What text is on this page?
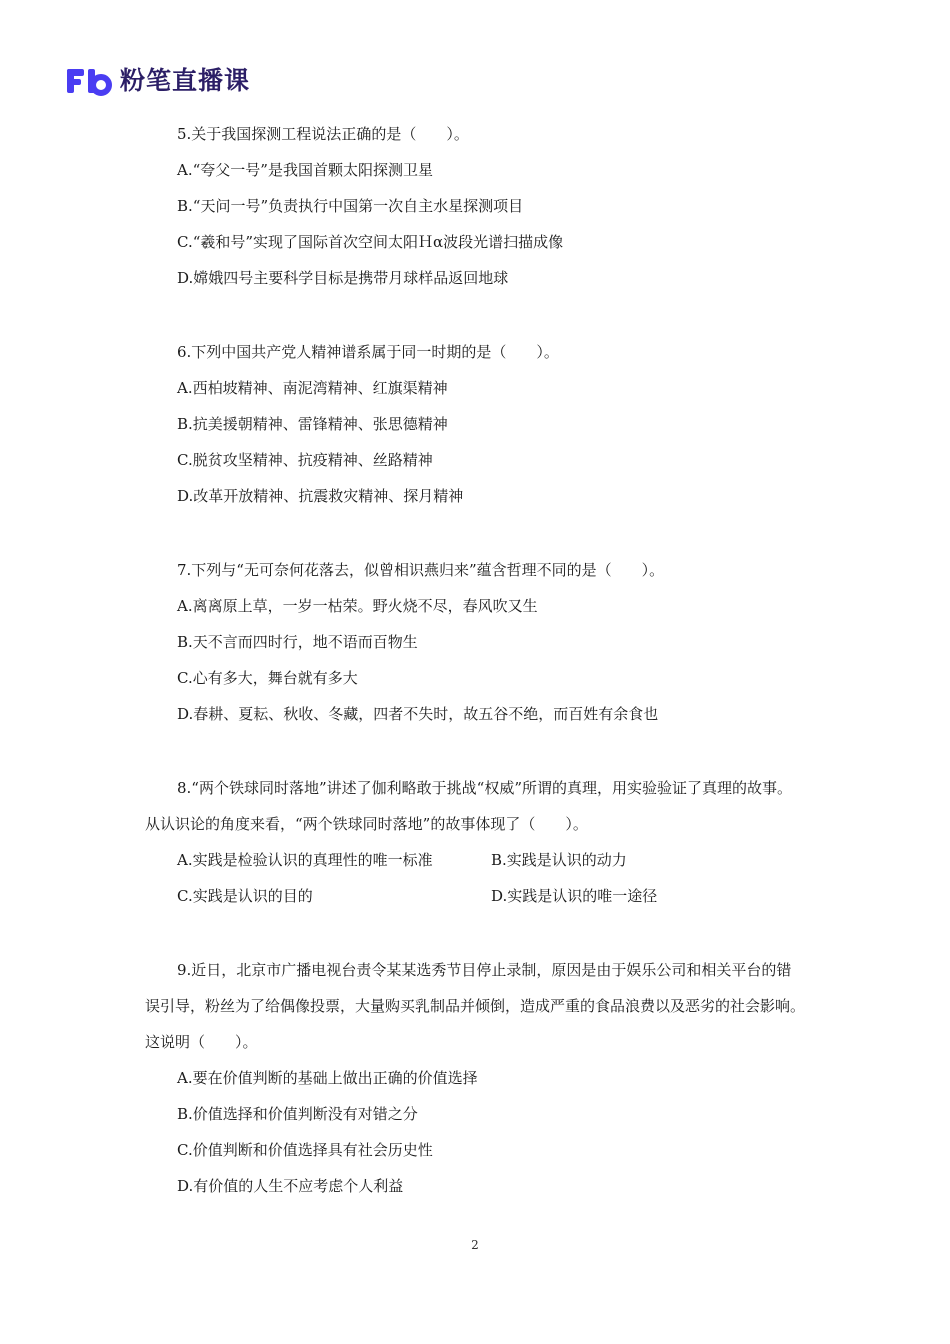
粉笔直播课

5.关于我国探测工程说法正确的是（　　）。

A.“夸父一号”是我国首颗太阳探测卫星

B.“天问一号”负责执行中国第一次自主水星探测项目

C.“羲和号”实现了国际首次空间太阳Ｈα波段光谱扫描成像

D.嫦娥四号主要科学目标是携带月球样品返回地球

6.下列中国共产党人精神谱系属于同一时期的是（　　）。

A.西柏坡精神、南泥湾精神、红旗渠精神

B.抗美援朝精神、雷锋精神、张思德精神

C.脱贫攻坚精神、抗疫精神、丝路精神

D.改革开放精神、抗震救灾精神、探月精神

7.下列与“无可奈何花落去，似曾相识燕归来”蕴含哲理不同的是（　　）。

A.离离原上草，一岁一枯荣。野火烧不尽，春风吹又生

B.天不言而四时行，地不语而百物生

C.心有多大，舞台就有多大

D.春耕、夏耘、秋收、冬藏，四者不失时，故五谷不绝，而百姓有余食也

8.“两个铁球同时落地”讲述了伽利略敢于挑战“权威”所谓的真理，用实验验证了真理的故事。从认识论的角度来看，“两个铁球同时落地”的故事体现了（　　）。

A.实践是检验认识的真理性的唯一标准	B.实践是认识的动力
C.实践是认识的目的	D.实践是认识的唯一途径

9.近日，北京市广播电视台责令某某选秀节目停止录制，原因是由于娱乐公司和相关平台的错误引导，粉丝为了给偶像投票，大量购买乳制品并倾倒，造成严重的食品浪费以及恶劣的社会影响。这说明（　　）。

A.要在价值判断的基础上做出正确的价值选择

B.价值选择和价值判断没有对错之分

C.价值判断和价值选择具有社会历史性

D.有价值的人生不应考虑个人利益

2
